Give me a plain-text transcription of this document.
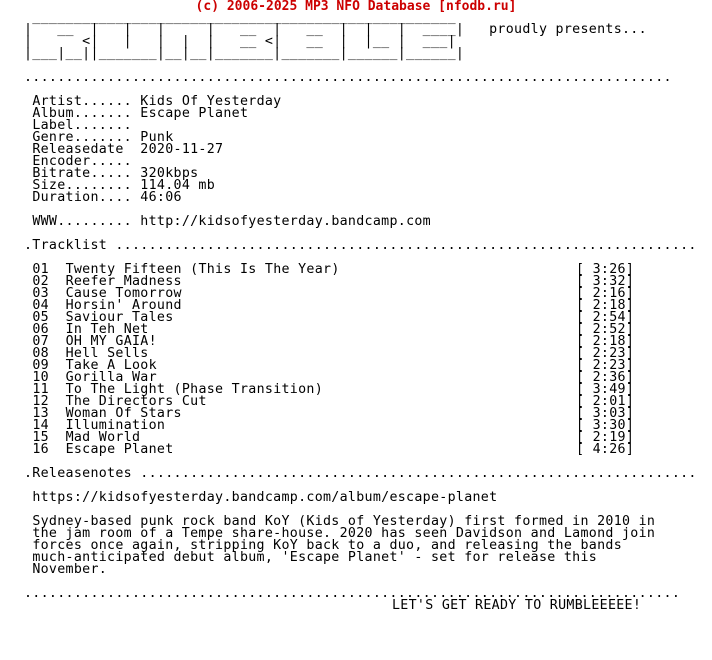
(c) 2006-2025 MP3 NFO Database [nfodb.ru]
___________________________________________________
|   __  |   |   |     |   __  |   __  |  |   |  ____| proudly presents...
|      <|   |   |  |  |   __ <|   __  |  |__ |  ___|
|___|__||_______|__|__|_______|_______|______|______|

..............................................................................

Artist...... Kids Of Yesterday
Album....... Escape Planet
Label.......
Genre....... Punk
Releasedate 2020-11-27
Encoder.....
Bitrate..... 320kbps
Size........ 114.04 mb
Duration.... 46:06

WWW......... http://kidsofyesterday.bandcamp.com

.Tracklist ......................................................................

01 Twenty Fifteen (This Is The Year)	[ 3:26]
02 Reefer Madness	[ 3:32]
03 Cause Tomorrow	[ 2:16]
04 Horsin' Around	[ 2:18]
05 Saviour Tales	[ 2:54]
06 In Teh Net	[ 2:52]
07 OH MY GAIA!	[ 2:18]
08 Hell Sells	[ 2:23]
09 Take A Look	[ 2:23]
10 Gorilla War	[ 2:36]
11 To The Light (Phase Transition)	[ 3:49]
12 The Directors Cut	[ 2:01]
13 Woman Of Stars	[ 3:03]
14 Illumination	[ 3:30]
15 Mad World	[ 2:19]
16 Escape Planet	[ 4:26]

.Releasenotes ...................................................................

https://kidsofyesterday.bandcamp.com/album/escape-planet

Sydney-based punk rock band KoY (Kids of Yesterday) first formed in 2010 in
the jam room of a Tempe share-house. 2020 has seen Davidson and Lamond join
forces once again, stripping KoY back to a duo, and releasing the bands
much-anticipated debut album, 'Escape Planet' - set for release this
November.

...............................................................................
LET'S GET READY TO RUMBLEEEEE!
